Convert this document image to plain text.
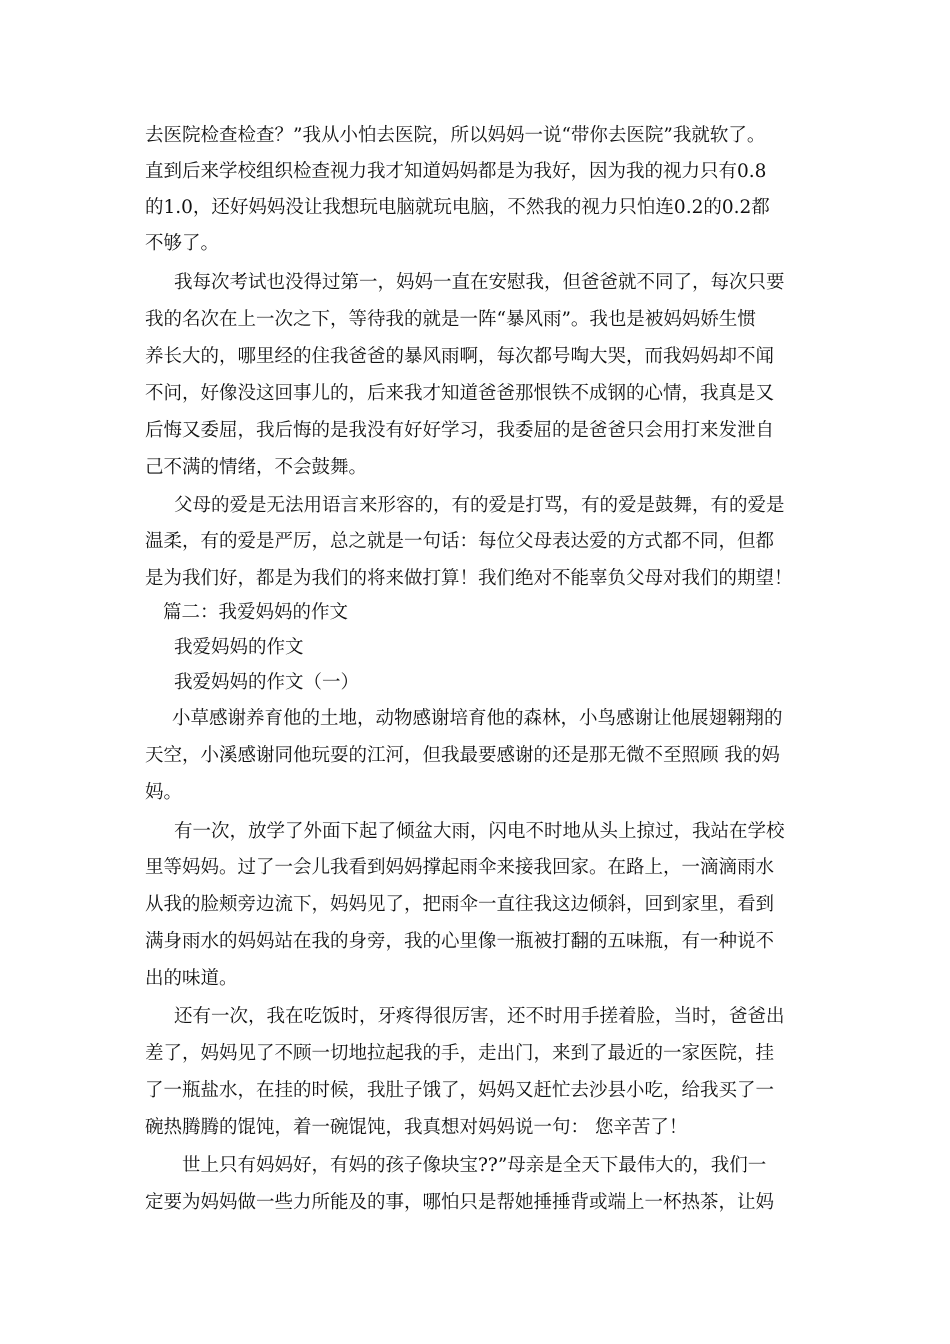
去医院检查检查？”我从小怕去医院，所以妈妈一说“带你去医院”我就软了。
直到后来学校组织检查视力我才知道妈妈都是为我好，因为我的视力只有0.8
的1.0，还好妈妈没让我想玩电脑就玩电脑，不然我的视力只怕连0.2的0.2都
不够了。
我每次考试也没得过第一，妈妈一直在安慰我，但爸爸就不同了，每次只要
我的名次在上一次之下，等待我的就是一阵“暴风雨”。我也是被妈妈娇生惯
养长大的，哪里经的住我爸爸的暴风雨啊，每次都号啕大哭，而我妈妈却不闻
不问，好像没这回事儿的，后来我才知道爸爸那恨铁不成钢的心情，我真是又
后悔又委屈，我后悔的是我没有好好学习，我委屈的是爸爸只会用打来发泄自
己不满的情绪，不会鼓舞。
父母的爱是无法用语言来形容的，有的爱是打骂，有的爱是鼓舞，有的爱是
温柔，有的爱是严厉，总之就是一句话：每位父母表达爱的方式都不同，但都
是为我们好，都是为我们的将来做打算！我们绝对不能辜负父母对我们的期望！
篇二：我爱妈妈的作文
我爱妈妈的作文
我爱妈妈的作文（一）
小草感谢养育他的土地，动物感谢培育他的森林，小鸟感谢让他展翅翱翔的
天空，小溪感谢同他玩耍的江河，但我最要感谢的还是那无微不至照顾 我的妈
妈。
有一次，放学了外面下起了倾盆大雨，闪电不时地从头上掠过，我站在学校
里等妈妈。过了一会儿我看到妈妈撑起雨伞来接我回家。在路上，一滴滴雨水
从我的脸颊旁边流下，妈妈见了，把雨伞一直往我这边倾斜，回到家里，看到
满身雨水的妈妈站在我的身旁，我的心里像一瓶被打翻的五味瓶，有一种说不
出的味道。
还有一次，我在吃饭时，牙疼得很厉害，还不时用手搓着脸，当时，爸爸出
差了，妈妈见了不顾一切地拉起我的手，走出门，来到了最近的一家医院，挂
了一瓶盐水，在挂的时候，我肚子饿了，妈妈又赶忙去沙县小吃，给我买了一
碗热腾腾的馄饨，着一碗馄饨，我真想对妈妈说一句： 您辛苦了！
世上只有妈妈好，有妈的孩子像块宝??”母亲是全天下最伟大的，我们一
定要为妈妈做一些力所能及的事，哪怕只是帮她捶捶背或端上一杯热茶，让妈
